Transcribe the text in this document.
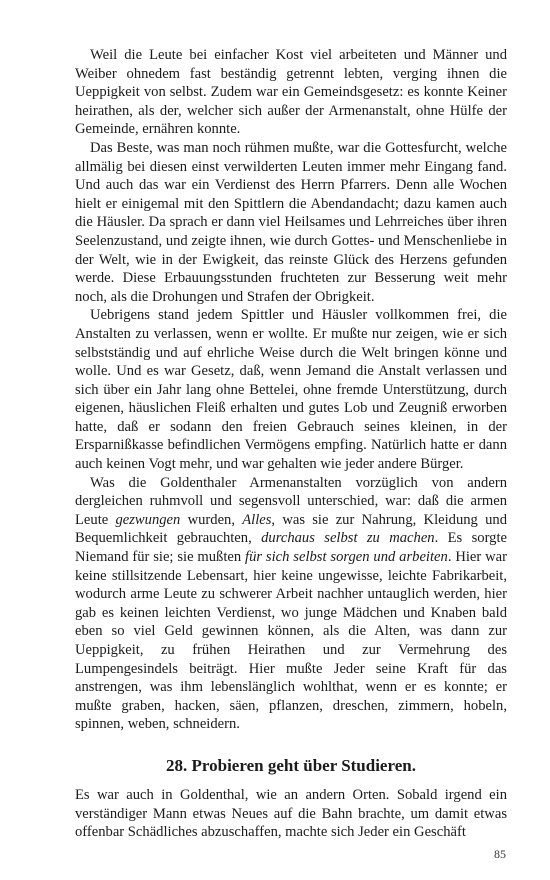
Weil die Leute bei einfacher Kost viel arbeiteten und Männer und Weiber ohnedem fast beständig getrennt lebten, verging ihnen die Ueppigkeit von selbst. Zudem war ein Gemeindsgesetz: es konnte Keiner heirathen, als der, welcher sich außer der Armenanstalt, ohne Hülfe der Gemeinde, ernähren konnte.

Das Beste, was man noch rühmen mußte, war die Gottesfurcht, welche allmälig bei diesen einst verwilderten Leuten immer mehr Eingang fand. Und auch das war ein Verdienst des Herrn Pfarrers. Denn alle Wochen hielt er einigemal mit den Spittlern die Abendandacht; dazu kamen auch die Häusler. Da sprach er dann viel Heilsames und Lehrreiches über ihren Seelenzustand, und zeigte ihnen, wie durch Gottes- und Menschenliebe in der Welt, wie in der Ewigkeit, das reinste Glück des Herzens gefunden werde. Diese Erbauungsstunden fruchteten zur Besserung weit mehr noch, als die Drohungen und Strafen der Obrigkeit.

Uebrigens stand jedem Spittler und Häusler vollkommen frei, die Anstalten zu verlassen, wenn er wollte. Er mußte nur zeigen, wie er sich selbstständig und auf ehrliche Weise durch die Welt bringen könne und wolle. Und es war Gesetz, daß, wenn Jemand die Anstalt verlassen und sich über ein Jahr lang ohne Bettelei, ohne fremde Unterstützung, durch eigenen, häuslichen Fleiß erhalten und gutes Lob und Zeugniß erworben hatte, daß er sodann den freien Gebrauch seines kleinen, in der Ersparnißkasse befindlichen Vermögens empfing. Natürlich hatte er dann auch keinen Vogt mehr, und war gehalten wie jeder andere Bürger.

Was die Goldenthaler Armenanstalten vorzüglich von andern dergleichen ruhmvoll und segensvoll unterschied, war: daß die armen Leute gezwungen wurden, Alles, was sie zur Nahrung, Kleidung und Bequemlichkeit gebrauchten, durchaus selbst zu machen. Es sorgte Niemand für sie; sie mußten für sich selbst sorgen und arbeiten. Hier war keine stillsitzende Lebensart, hier keine ungewisse, leichte Fabrikarbeit, wodurch arme Leute zu schwerer Arbeit nachher untauglich werden, hier gab es keinen leichten Verdienst, wo junge Mädchen und Knaben bald eben so viel Geld gewinnen können, als die Alten, was dann zur Ueppigkeit, zu frühen Heirathen und zur Vermehrung des Lumpengesindels beiträgt. Hier mußte Jeder seine Kraft für das anstrengen, was ihm lebenslänglich wohlthat, wenn er es konnte; er mußte graben, hacken, säen, pflanzen, dreschen, zimmern, hobeln, spinnen, weben, schneidern.

28. Probieren geht über Studieren.

Es war auch in Goldenthal, wie an andern Orten. Sobald irgend ein verständiger Mann etwas Neues auf die Bahn brachte, um damit etwas offenbar Schädliches abzuschaffen, machte sich Jeder ein Geschäft

85
